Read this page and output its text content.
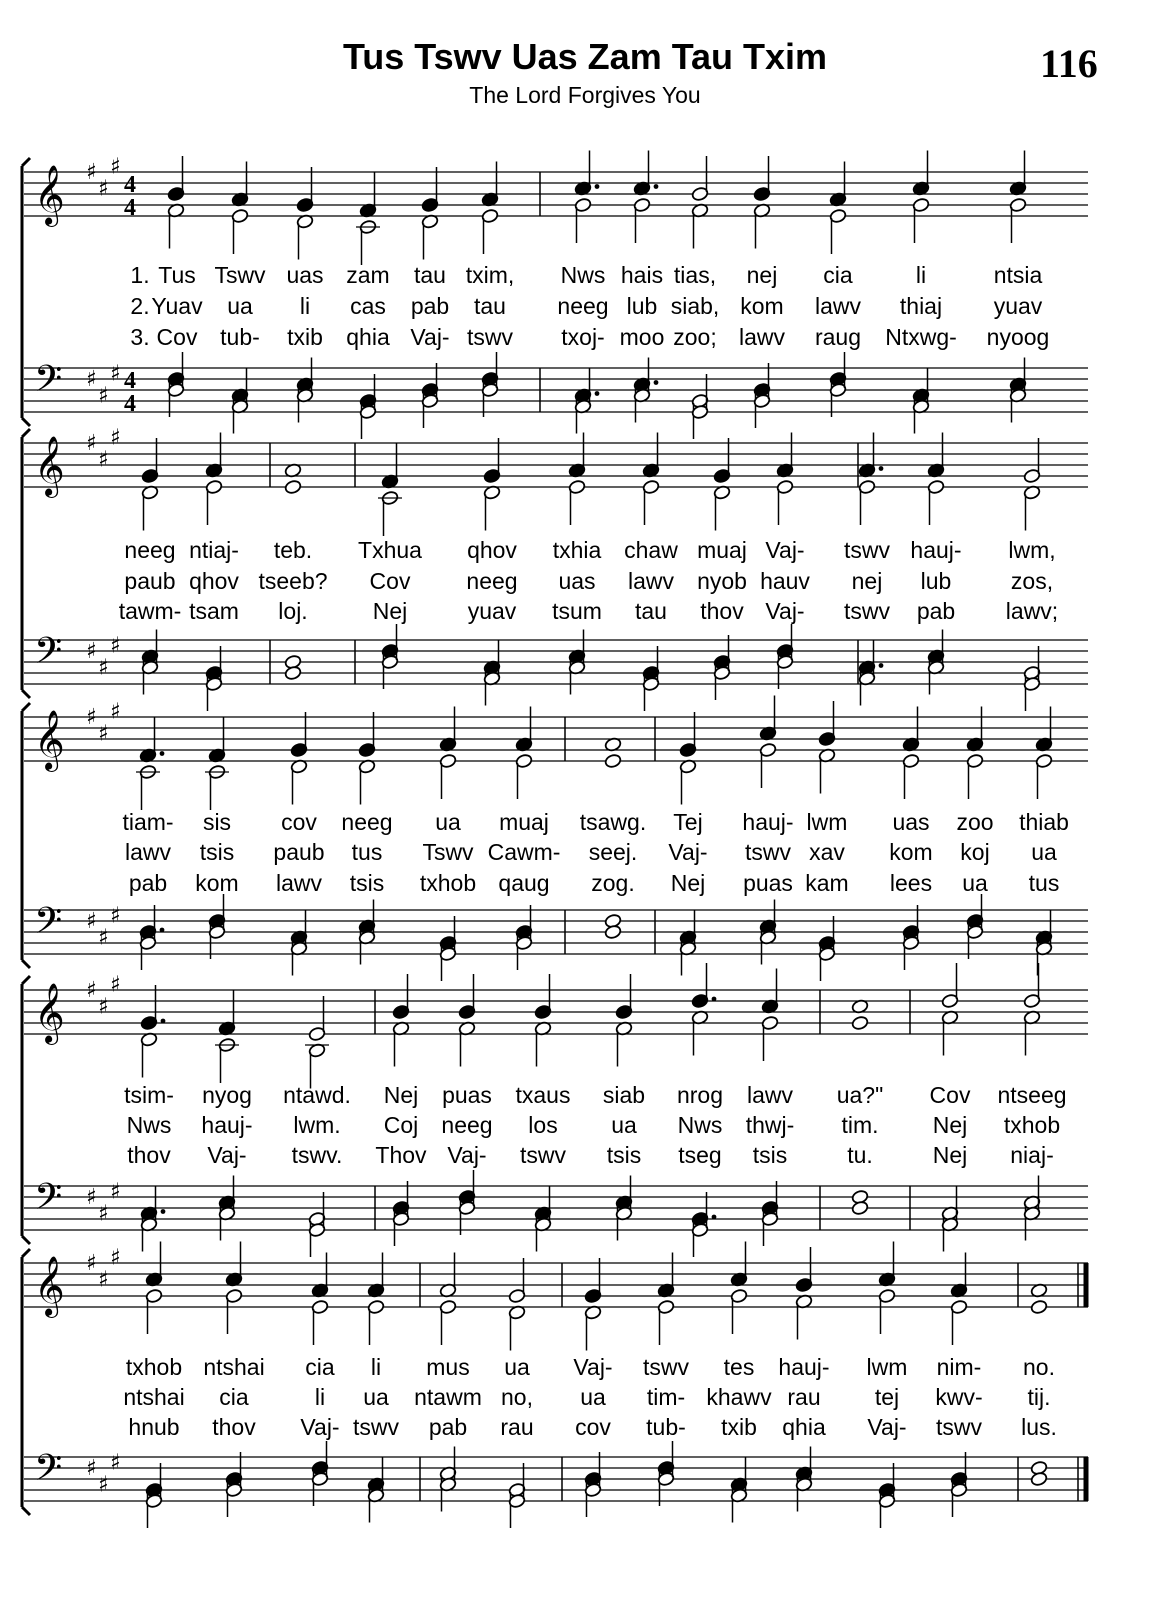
Tus Tswv Uas Zam Tau Txim
The Lord Forgives You
116
𝄞 ♯
♯
♯
4
4
𝄢 ♯
♯
♯ 4
4
1. Tus Tswv uas zam tau txim, Nws hais tias, nej cia	li	ntsia
2. Yuav ua li cas pab tau neeg lub siab, kom lawv thiaj yuav
3. Cov tub- txib qhia Vaj- tswv txoj- moo zoo; lawv raug Ntxwg- nyoog
𝄞 ♯
♯
♯
𝄢 ♯
♯
♯
neeg ntiaj- teb. Txhua qhov txhia chaw muaj Vaj- tswv hauj- lwm,
paub qhov tseeb? Cov neeg uas lawv nyob hauv nej lub	zos,
tawm- tsam loj.	Nej	yuav tsum tau thov Vaj- tswv pab lawv;
𝄞 ♯
♯
♯
𝄢 ♯
♯
♯
tiam- sis cov neeg ua muaj tsawg. Tej hauj- lwm uas zoo thiab
lawv tsis paub tus Tswv Cawm- seej. Vaj- tswv xav kom koj ua
pab kom lawv tsis txhob qaug zog. Nej puas kam lees ua tus
𝄞 ♯
♯
♯
𝄢 ♯
♯
♯
tsim- nyog ntawd. Nej puas txaus siab nrog lawv ua?" Cov ntseeg
Nws hauj- lwm. Coj neeg los ua Nws thwj- tim. Nej txhob
thov Vaj- tswv. Thov Vaj- tswv tsis tseg tsis	tu.	Nej niaj-
𝄞 ♯
♯
♯
𝄢 ♯
♯
♯
txhob ntshai cia li mus ua Vaj- tswv tes hauj- lwm nim- no.
ntshai cia	li ua ntawm no, ua tim- khawv rau tej kwv- tij.
hnub thov Vaj- tswv pab rau cov tub- txib qhia Vaj- tswv lus.
